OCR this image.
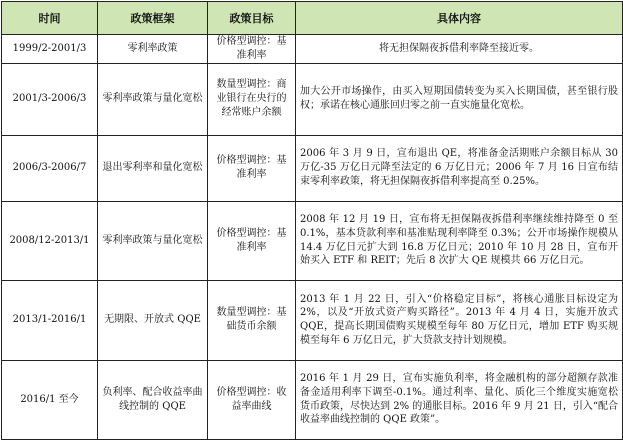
时间	政策框架	政策目标	具体内容
1999/2-2001/3	零利率政策	价格型调控：基准利率	将无担保隔夜拆借利率降至接近零。
2001/3-2006/3	零利率政策与量化宽松	数量型调控：商业银行在央行的经常账户余额	加大公开市场操作，由买入短期国债转变为买入长期国债，甚至银行股权；承诺在核心通胀回归零之前一直实施量化宽松。
2006/3-2006/7	退出零利率和量化宽松	价格型调控：基准利率	2006 年 3 月 9 日，宣布退出 QE，将准备金活期账户余额目标从 30 万亿-35 万亿日元降至法定的 6 万亿日元；2006 年 7 月 16 日宣布结束零利率政策，将无担保隔夜拆借利率提高至 0.25%。
2008/12-2013/1	零利率政策与量化宽松	价格型调控：基准利率	2008 年 12 月 19 日，宣布将无担保隔夜拆借利率继续维持降至 0 至 0.1%，基本贷款利率和基准贴现利率降至 0.3%；公开市场操作规模从 14.4 万亿日元扩大到 16.8 万亿日元；2010 年 10 月 28 日，宣布开始买入 ETF 和 REIT；先后 8 次扩大 QE 规模共 66 万亿日元。
2013/1-2016/1	无期限、开放式 QQE	数量型调控：基础货币余额	2013 年 1 月 22 日，引入“价格稳定目标”，将核心通胀目标设定为 2%，以及“开放式资产购买路径”。2013 年 4 月 4 日，实施开放式 QQE，提高长期国债购买规模至每年 80 万亿日元，增加 ETF 购买规模至每年 6 万亿日元，扩大贷款支持计划规模。
2016/1 至今	负利率、配合收益率曲线控制的 QQE	价格型调控：收益率曲线	2016 年 1 月 29 日，宣布实施负利率，将金融机构的部分超额存款准备金适用利率下调至-0.1%。通过利率、量化、质化三个维度实施宽松货币政策，尽快达到 2% 的通胀目标。2016 年 9 月 21 日，引入“配合收益率曲线控制的 QQE 政策”。
